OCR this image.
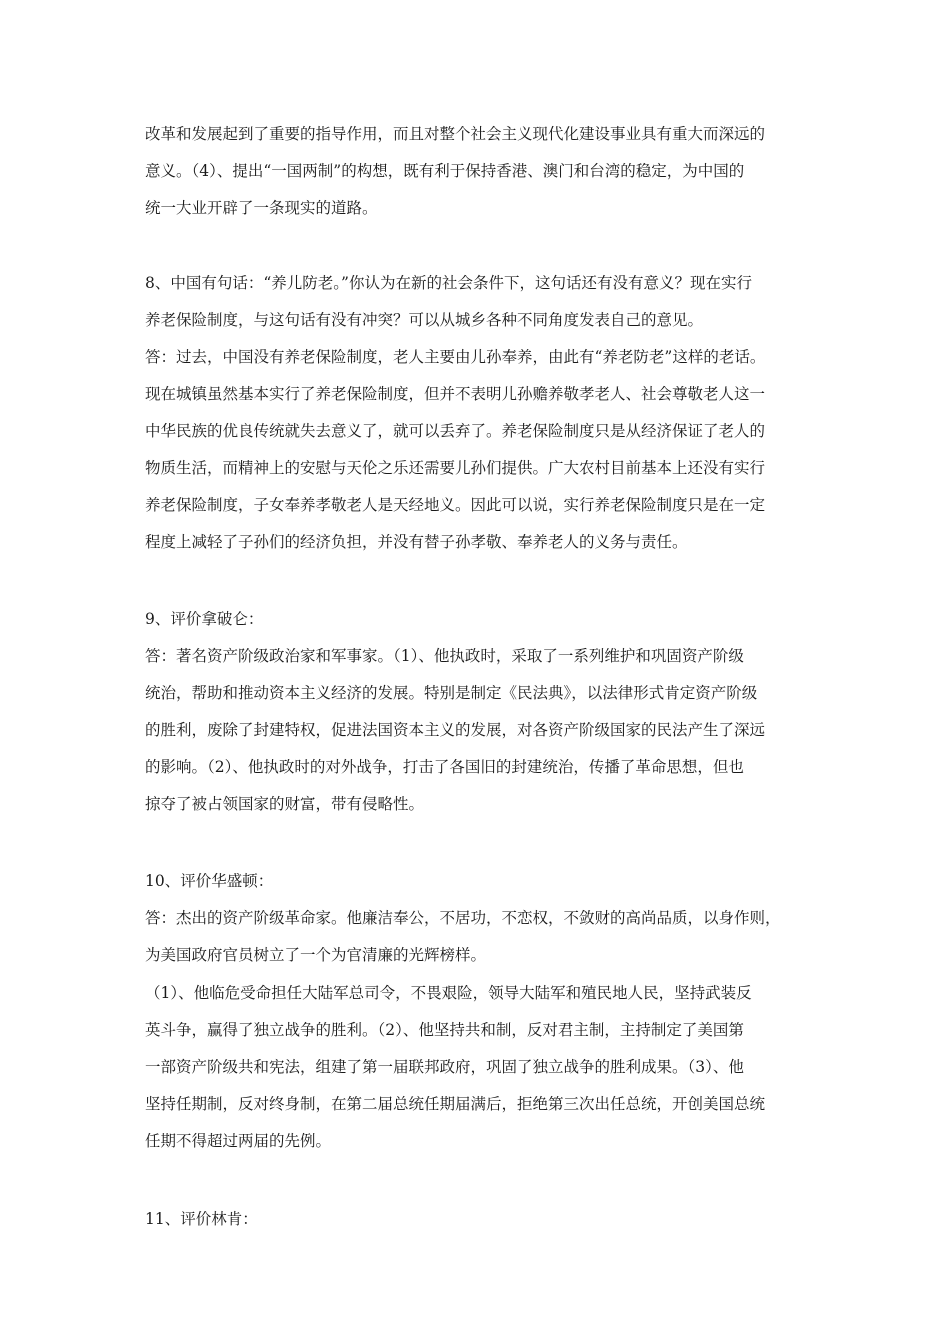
改革和发展起到了重要的指导作用，而且对整个社会主义现代化建设事业具有重大而深远的
意义。（4）、提出“一国两制”的构想，既有利于保持香港、澳门和台湾的稳定，为中国的
统一大业开辟了一条现实的道路。
8、中国有句话：“养儿防老。”你认为在新的社会条件下，这句话还有没有意义？现在实行
养老保险制度，与这句话有没有冲突？可以从城乡各种不同角度发表自己的意见。
答：过去，中国没有养老保险制度，老人主要由儿孙奉养，由此有“养老防老”这样的老话。
现在城镇虽然基本实行了养老保险制度，但并不表明儿孙赡养敬孝老人、社会尊敬老人这一
中华民族的优良传统就失去意义了，就可以丢弃了。养老保险制度只是从经济保证了老人的
物质生活，而精神上的安慰与天伦之乐还需要儿孙们提供。广大农村目前基本上还没有实行
养老保险制度，子女奉养孝敬老人是天经地义。因此可以说，实行养老保险制度只是在一定
程度上减轻了子孙们的经济负担，并没有替子孙孝敬、奉养老人的义务与责任。
9、评价拿破仑：
答：著名资产阶级政治家和军事家。（1）、他执政时，采取了一系列维护和巩固资产阶级
统治，帮助和推动资本主义经济的发展。特别是制定《民法典》，以法律形式肯定资产阶级
的胜利，废除了封建特权，促进法国资本主义的发展，对各资产阶级国家的民法产生了深远
的影响。（2）、他执政时的对外战争，打击了各国旧的封建统治，传播了革命思想，但也
掠夺了被占领国家的财富，带有侵略性。
10、评价华盛顿：
答：杰出的资产阶级革命家。他廉洁奉公，不居功，不恋权，不敛财的高尚品质，以身作则，
为美国政府官员树立了一个为官清廉的光辉榜样。
（1）、他临危受命担任大陆军总司令，不畏艰险，领导大陆军和殖民地人民，坚持武装反
英斗争，赢得了独立战争的胜利。（2）、他坚持共和制，反对君主制，主持制定了美国第
一部资产阶级共和宪法，组建了第一届联邦政府，巩固了独立战争的胜利成果。（3）、他
坚持任期制，反对终身制，在第二届总统任期届满后，拒绝第三次出任总统，开创美国总统
任期不得超过两届的先例。
11、评价林肯：
